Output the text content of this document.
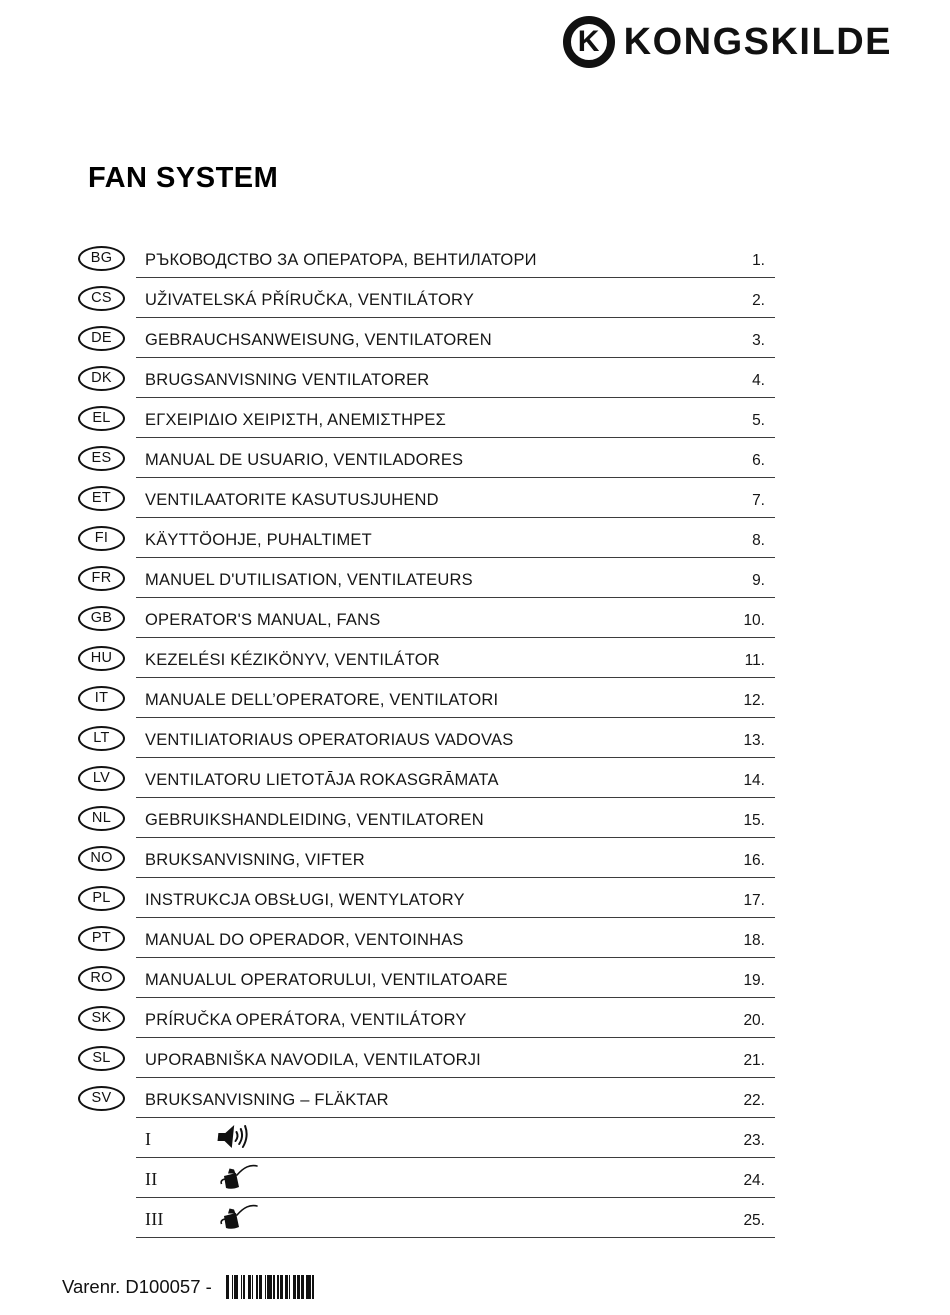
K KONGSKILDE
FAN SYSTEM
BG	РЪКОВОДСТВО ЗА ОПЕРАТОРА, ВЕНТИЛАТОРИ	1.
CS	UŽIVATELSKÁ PŘÍRUČKA, VENTILÁTORY	2.
DE	GEBRAUCHSANWEISUNG, VENTILATOREN	3.
DK	BRUGSANVISNING VENTILATORER	4.
EL	ΕΓΧΕΙΡΙΔΙΟ ΧΕΙΡΙΣΤΗ, ΑΝΕΜΙΣΤΗΡΕΣ	5.
ES	MANUAL DE USUARIO, VENTILADORES	6.
ET	VENTILAATORITE KASUTUSJUHEND	7.
FI	KÄYTTÖOHJE, PUHALTIMET	8.
FR	MANUEL D'UTILISATION, VENTILATEURS	9.
GB	OPERATOR'S MANUAL, FANS	10.
HU	KEZELÉSI KÉZIKÖNYV, VENTILÁTOR	11.
IT	MANUALE DELL’OPERATORE, VENTILATORI	12.
LT	VENTILIATORIAUS OPERATORIAUS VADOVAS	13.
LV	VENTILATORU LIETOTĀJA ROKASGRĀMATA	14.
NL	GEBRUIKSHANDLEIDING, VENTILATOREN	15.
NO	BRUKSANVISNING, VIFTER	16.
PL	INSTRUKCJA OBSŁUGI, WENTYLATORY	17.
PT	MANUAL DO OPERADOR, VENTOINHAS	18.
RO	MANUALUL OPERATORULUI, VENTILATOARE	19.
SK	PRÍRUČKA OPERÁTORA, VENTILÁTORY	20.
SL	UPORABNIŠKA NAVODILA, VENTILATORJI	21.
SV	BRUKSANVISNING – FLÄKTAR	22.
I	23.
II	24.
III	25.
Varenr. D100057 -
